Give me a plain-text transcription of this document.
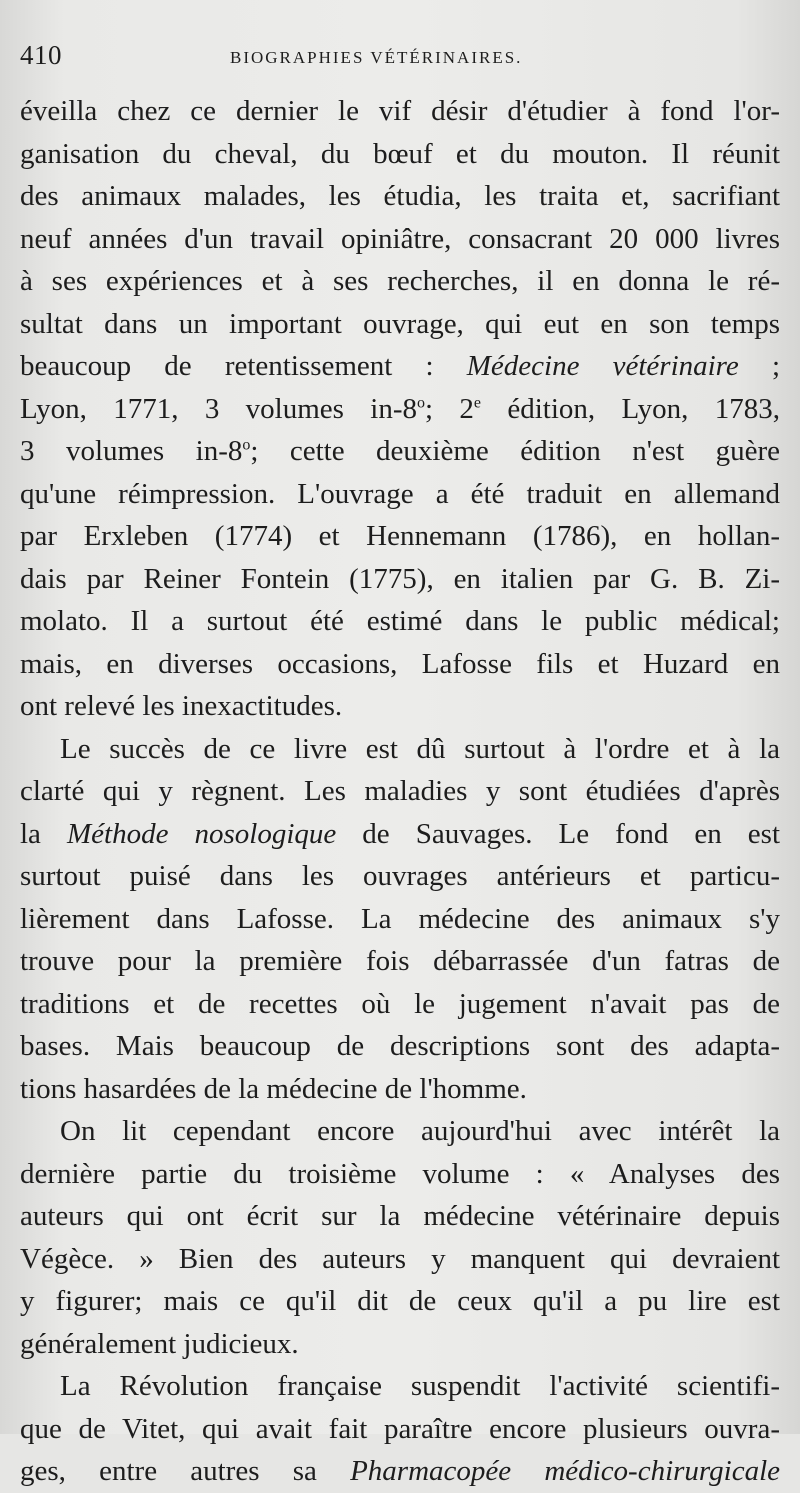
410	BIOGRAPHIES VÉTÉRINAIRES.
éveilla chez ce dernier le vif désir d'étudier à fond l'or-
ganisation du cheval, du bœuf et du mouton. Il réunit
des animaux malades, les étudia, les traita et, sacrifiant
neuf années d'un travail opiniâtre, consacrant 20 000 livres
à ses expériences et à ses recherches, il en donna le ré-
sultat dans un important ouvrage, qui eut en son temps
beaucoup de retentissement : Médecine vétérinaire ;
Lyon, 1771, 3 volumes in-8$^o$; 2e édition, Lyon, 1783,
3 volumes in-8$^o$; cette deuxième édition n'est guère
qu'une réimpression. L'ouvrage a été traduit en allemand
par Erxleben (1774) et Hennemann (1786), en hollan-
dais par Reiner Fontein (1775), en italien par G. B. Zi-
molato. Il a surtout été estimé dans le public médical;
mais, en diverses occasions, Lafosse fils et Huzard en
ont relevé les inexactitudes.
Le succès de ce livre est dû surtout à l'ordre et à la
clarté qui y règnent. Les maladies y sont étudiées d'après
la Méthode nosologique de Sauvages. Le fond en est
surtout puisé dans les ouvrages antérieurs et particu-
lièrement dans Lafosse. La médecine des animaux s'y
trouve pour la première fois débarrassée d'un fatras de
traditions et de recettes où le jugement n'avait pas de
bases. Mais beaucoup de descriptions sont des adapta-
tions hasardées de la médecine de l'homme.
On lit cependant encore aujourd'hui avec intérêt la
dernière partie du troisième volume : « Analyses des
auteurs qui ont écrit sur la médecine vétérinaire depuis
Végèce. » Bien des auteurs y manquent qui devraient
y figurer; mais ce qu'il dit de ceux qu'il a pu lire est
généralement judicieux.
La Révolution française suspendit l'activité scientifi-
que de Vitet, qui avait fait paraître encore plusieurs ouvra-
ges, entre autres sa Pharmacopée médico-chirurgicale
